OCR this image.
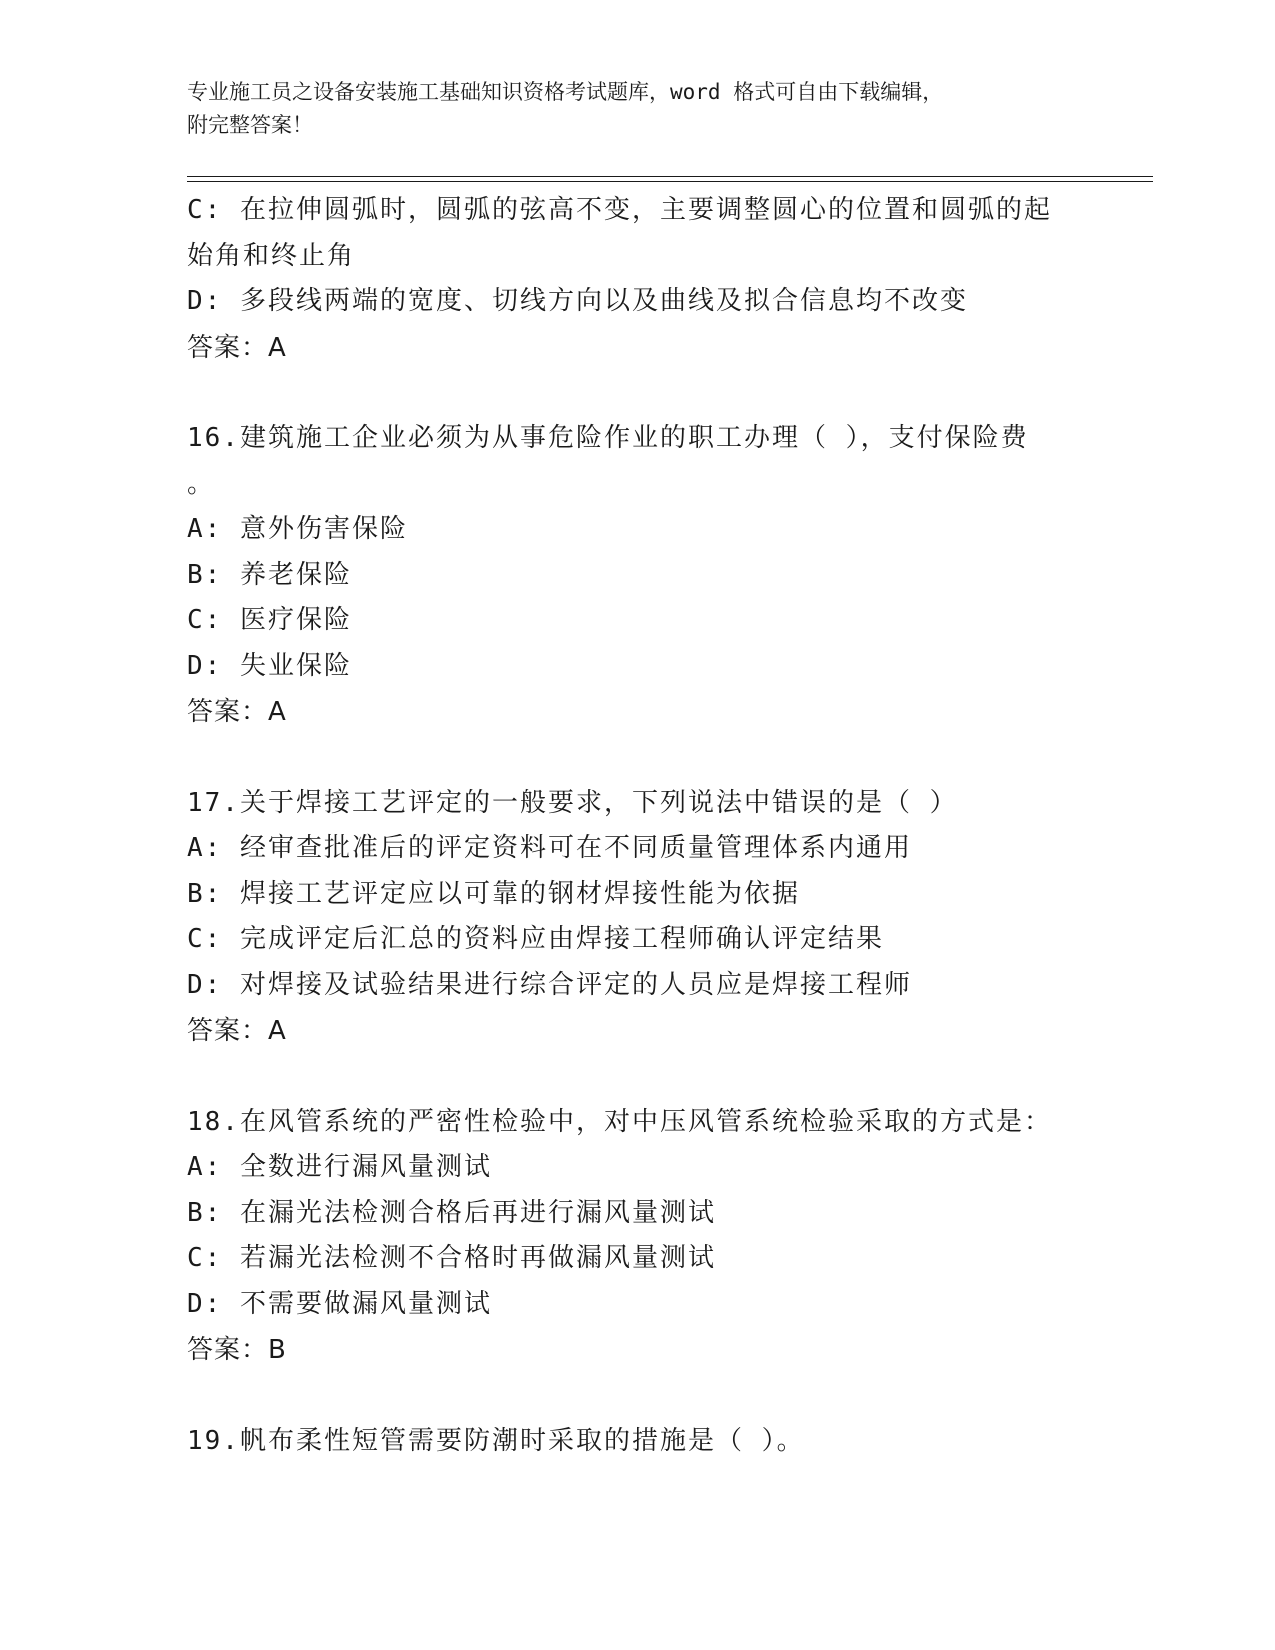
专业施工员之设备安装施工基础知识资格考试题库，word 格式可自由下载编辑，
附完整答案！
C: 在拉伸圆弧时，圆弧的弦高不变，主要调整圆心的位置和圆弧的起
始角和终止角
D: 多段线两端的宽度、切线方向以及曲线及拟合信息均不改变
答案：A
16.建筑施工企业必须为从事危险作业的职工办理（ ），支付保险费
。
A: 意外伤害保险
B: 养老保险
C: 医疗保险
D: 失业保险
答案：A
17.关于焊接工艺评定的一般要求，下列说法中错误的是（ ）
A: 经审查批准后的评定资料可在不同质量管理体系内通用
B: 焊接工艺评定应以可靠的钢材焊接性能为依据
C: 完成评定后汇总的资料应由焊接工程师确认评定结果
D: 对焊接及试验结果进行综合评定的人员应是焊接工程师
答案：A
18.在风管系统的严密性检验中，对中压风管系统检验采取的方式是：
A: 全数进行漏风量测试
B: 在漏光法检测合格后再进行漏风量测试
C: 若漏光法检测不合格时再做漏风量测试
D: 不需要做漏风量测试
答案：B
19.帆布柔性短管需要防潮时采取的措施是（ ）。
